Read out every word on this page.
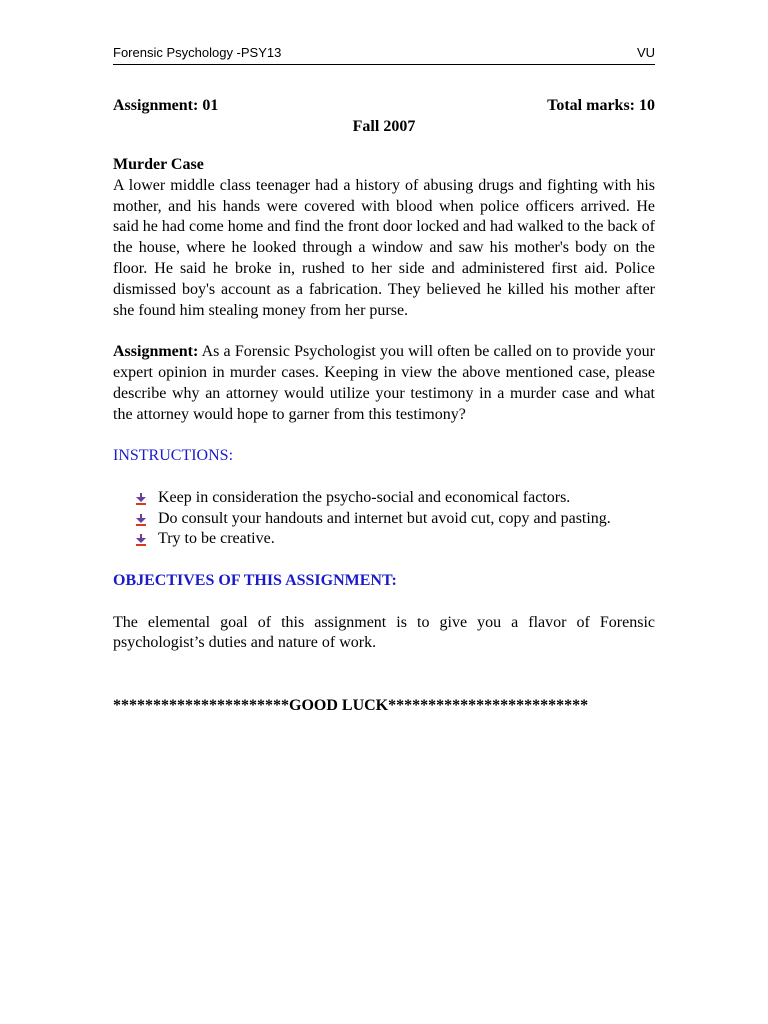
Forensic Psychology -PSY13	VU
Assignment: 01	Total marks: 10
Fall 2007
Murder Case

A lower middle class teenager had a history of abusing drugs and fighting with his mother, and his hands were covered with blood when police officers arrived. He said he had come home and find the front door locked and had walked to the back of the house, where he looked through a window and saw his mother's body on the floor. He said he broke in, rushed to her side and administered first aid. Police dismissed boy's account as a fabrication. They believed he killed his mother after she found him stealing money from her purse.

Assignment: As a Forensic Psychologist you will often be called on to provide your expert opinion in murder cases. Keeping in view the above mentioned case, please describe why an attorney would utilize your testimony in a murder case and what the attorney would hope to garner from this testimony?

INSTRUCTIONS:
Keep in consideration the psycho-social and economical factors.
Do consult your handouts and internet but avoid cut, copy and pasting.
Try to be creative.
OBJECTIVES OF THIS ASSIGNMENT:

The elemental goal of this assignment is to give you a flavor of Forensic psychologist’s duties and nature of work.

**********************GOOD LUCK*************************
